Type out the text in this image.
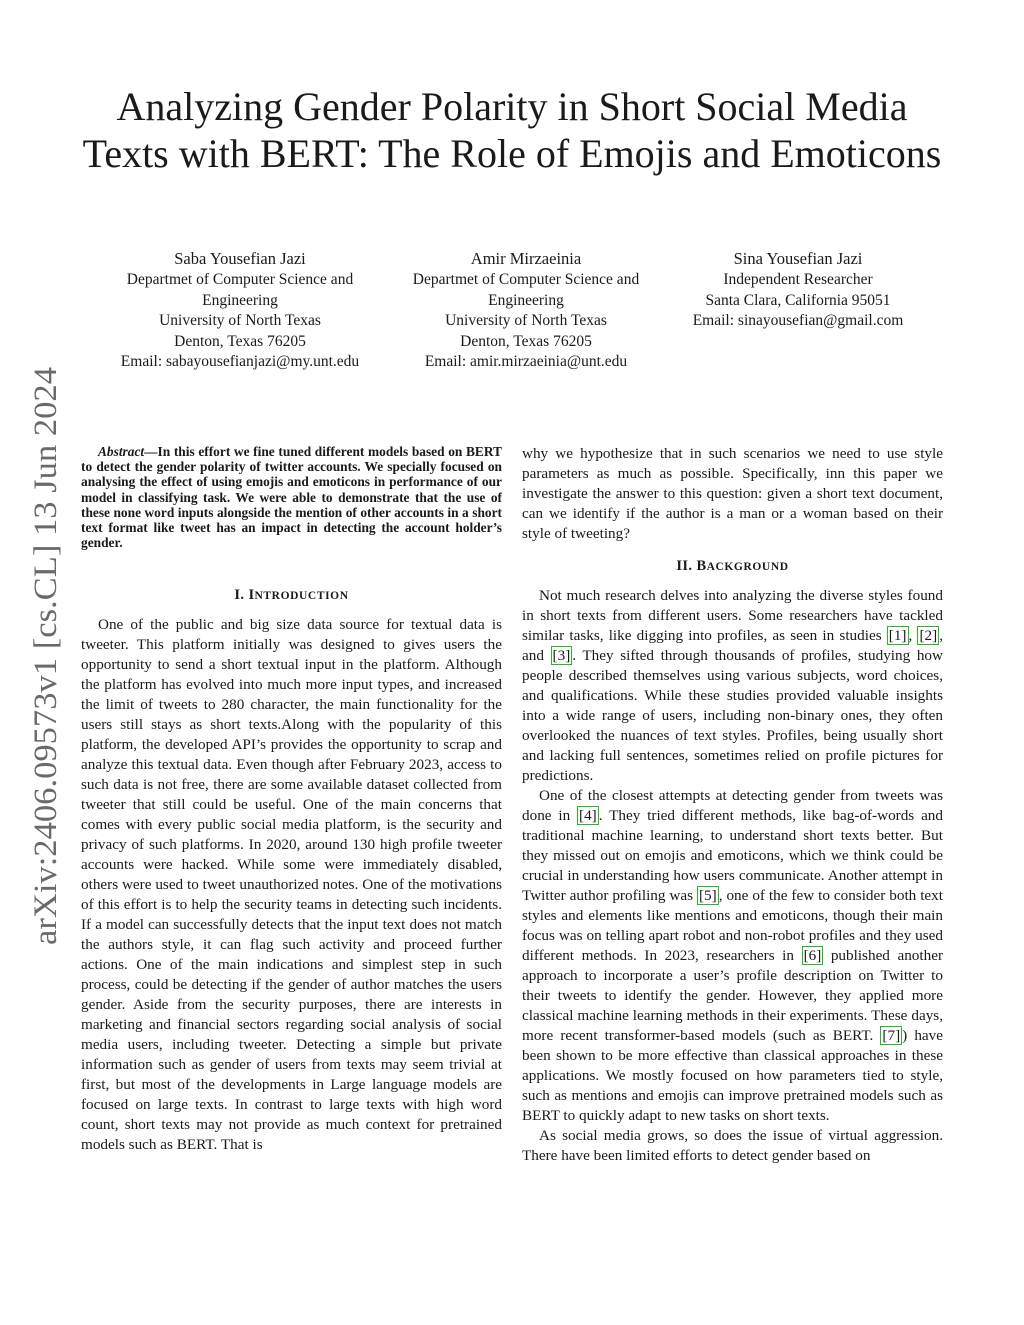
arXiv:2406.09573v1 [cs.CL] 13 Jun 2024
Analyzing Gender Polarity in Short Social Media Texts with BERT: The Role of Emojis and Emoticons
Saba Yousefian Jazi
Departmet of Computer Science and Engineering
University of North Texas
Denton, Texas 76205
Email: sabayousefianjazi@my.unt.edu
Amir Mirzaeinia
Departmet of Computer Science and Engineering
University of North Texas
Denton, Texas 76205
Email: amir.mirzaeinia@unt.edu
Sina Yousefian Jazi
Independent Researcher
Santa Clara, California 95051
Email: sinayousefian@gmail.com

Abstract—In this effort we fine tuned different models based on BERT to detect the gender polarity of twitter accounts. We specially focused on analysing the effect of using emojis and emoticons in performance of our model in classifying task. We were able to demonstrate that the use of these none word inputs alongside the mention of other accounts in a short text format like tweet has an impact in detecting the account holder’s gender.

I. INTRODUCTION

One of the public and big size data source for textual data is tweeter. This platform initially was designed to gives users the opportunity to send a short textual input in the platform. Although the platform has evolved into much more input types, and increased the limit of tweets to 280 character, the main functionality for the users still stays as short texts.Along with the popularity of this platform, the developed API’s provides the opportunity to scrap and analyze this textual data. Even though after February 2023, access to such data is not free, there are some available dataset collected from tweeter that still could be useful. One of the main concerns that comes with every public social media platform, is the security and privacy of such platforms. In 2020, around 130 high profile tweeter accounts were hacked. While some were immediately disabled, others were used to tweet unauthorized notes. One of the motivations of this effort is to help the security teams in detecting such incidents. If a model can successfully detects that the input text does not match the authors style, it can flag such activity and proceed further actions. One of the main indications and simplest step in such process, could be detecting if the gender of author matches the users gender. Aside from the security purposes, there are interests in marketing and financial sectors regarding social analysis of social media users, including tweeter. Detecting a simple but private information such as gender of users from texts may seem trivial at first, but most of the developments in Large language models are focused on large texts. In contrast to large texts with high word count, short texts may not provide as much context for pretrained models such as BERT. That is

why we hypothesize that in such scenarios we need to use style parameters as much as possible. Specifically, inn this paper we investigate the answer to this question: given a short text document, can we identify if the author is a man or a woman based on their style of tweeting?

II. BACKGROUND

Not much research delves into analyzing the diverse styles found in short texts from different users. Some researchers have tackled similar tasks, like digging into profiles, as seen in studies [1] , [2] , and [3] . They sifted through thousands of profiles, studying how people described themselves using various subjects, word choices, and qualifications. While these studies provided valuable insights into a wide range of users, including non-binary ones, they often overlooked the nuances of text styles. Profiles, being usually short and lacking full sentences, sometimes relied on profile pictures for predictions.

One of the closest attempts at detecting gender from tweets was done in [4] . They tried different methods, like bag-of-words and traditional machine learning, to understand short texts better. But they missed out on emojis and emoticons, which we think could be crucial in understanding how users communicate. Another attempt in Twitter author profiling was [5] , one of the few to consider both text styles and elements like mentions and emoticons, though their main focus was on telling apart robot and non-robot profiles and they used different methods. In 2023, researchers in [6] published another approach to incorporate a user’s profile description on Twitter to their tweets to identify the gender. However, they applied more classical machine learning methods in their experiments. These days, more recent transformer-based models (such as BERT. [7] ) have been shown to be more effective than classical approaches in these applications. We mostly focused on how parameters tied to style, such as mentions and emojis can improve pretrained models such as BERT to quickly adapt to new tasks on short texts.

As social media grows, so does the issue of virtual aggression. There have been limited efforts to detect gender based on
